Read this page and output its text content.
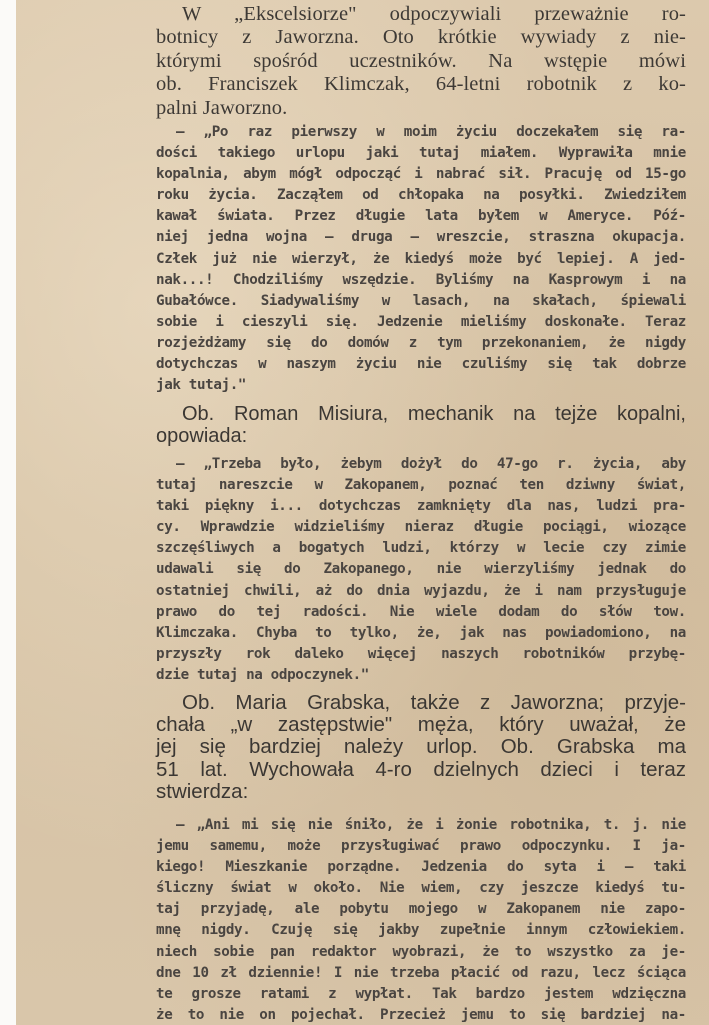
W „Ekscelsiorze" odpoczywiali przeważnie ro-
botnicy z Jaworzna. Oto krótkie wywiady z nie-
którymi spośród uczestników. Na wstępie mówi
ob. Franciszek Klimczak, 64-letni robotnik z ko-
palni Jaworzno.
— „Po raz pierwszy w moim życiu doczekałem się ra-
dości takiego urlopu jaki tutaj miałem. Wyprawiła mnie
kopalnia, abym mógł odpocząć i nabrać sił. Pracuję od 15-go
roku życia. Zacząłem od chłopaka na posyłki. Zwiedziłem
kawał świata. Przez długie lata byłem w Ameryce. Póź-
niej jedna wojna — druga — wreszcie, straszna okupacja.
Człek już nie wierzył, że kiedyś może być lepiej. A jed-
nak...! Chodziliśmy wszędzie. Byliśmy na Kasprowym i na
Gubałówce. Siadywaliśmy w lasach, na skałach, śpiewali
sobie i cieszyli się. Jedzenie mieliśmy doskonałe. Teraz
rozjeżdżamy się do domów z tym przekonaniem, że nigdy
dotychczas w naszym życiu nie czuliśmy się tak dobrze
jak tutaj."
Ob. Roman Misiura, mechanik na tejże kopalni,
opowiada:
— „Trzeba było, żebym dożył do 47-go r. życia, aby
tutaj nareszcie w Zakopanem, poznać ten dziwny świat,
taki piękny i... dotychczas zamknięty dla nas, ludzi pra-
cy. Wprawdzie widzieliśmy nieraz długie pociągi, wiozące
szczęśliwych a bogatych ludzi, którzy w lecie czy zimie
udawali się do Zakopanego, nie wierzyliśmy jednak do
ostatniej chwili, aż do dnia wyjazdu, że i nam przysługuje
prawo do tej radości. Nie wiele dodam do słów tow.
Klimczaka. Chyba to tylko, że, jak nas powiadomiono, na
przyszły rok daleko więcej naszych robotników przybę-
dzie tutaj na odpoczynek."
Ob. Maria Grabska, także z Jaworzna; przyje-
chała „w zastępstwie" męża, który uważał, że
jej się bardziej należy urlop. Ob. Grabska ma
51 lat. Wychowała 4-ro dzielnych dzieci i teraz
stwierdza:
— „Ani mi się nie śniło, że i żonie robotnika, t. j. nie
jemu samemu, może przysługiwać prawo odpoczynku. I ja-
kiego! Mieszkanie porządne. Jedzenia do syta i — taki
śliczny świat w około. Nie wiem, czy jeszcze kiedyś tu-
taj przyjadę, ale pobytu mojego w Zakopanem nie zapo-
mnę nigdy. Czuję się jakby zupełnie innym człowiekiem.
niech sobie pan redaktor wyobrazi, że to wszystko za je-
dne 10 zł dziennie! I nie trzeba płacić od razu, lecz ściąca
te grosze ratami z wypłat. Tak bardzo jestem wdzięczna
że to nie on pojechał. Przecież jemu to się bardziej na-
